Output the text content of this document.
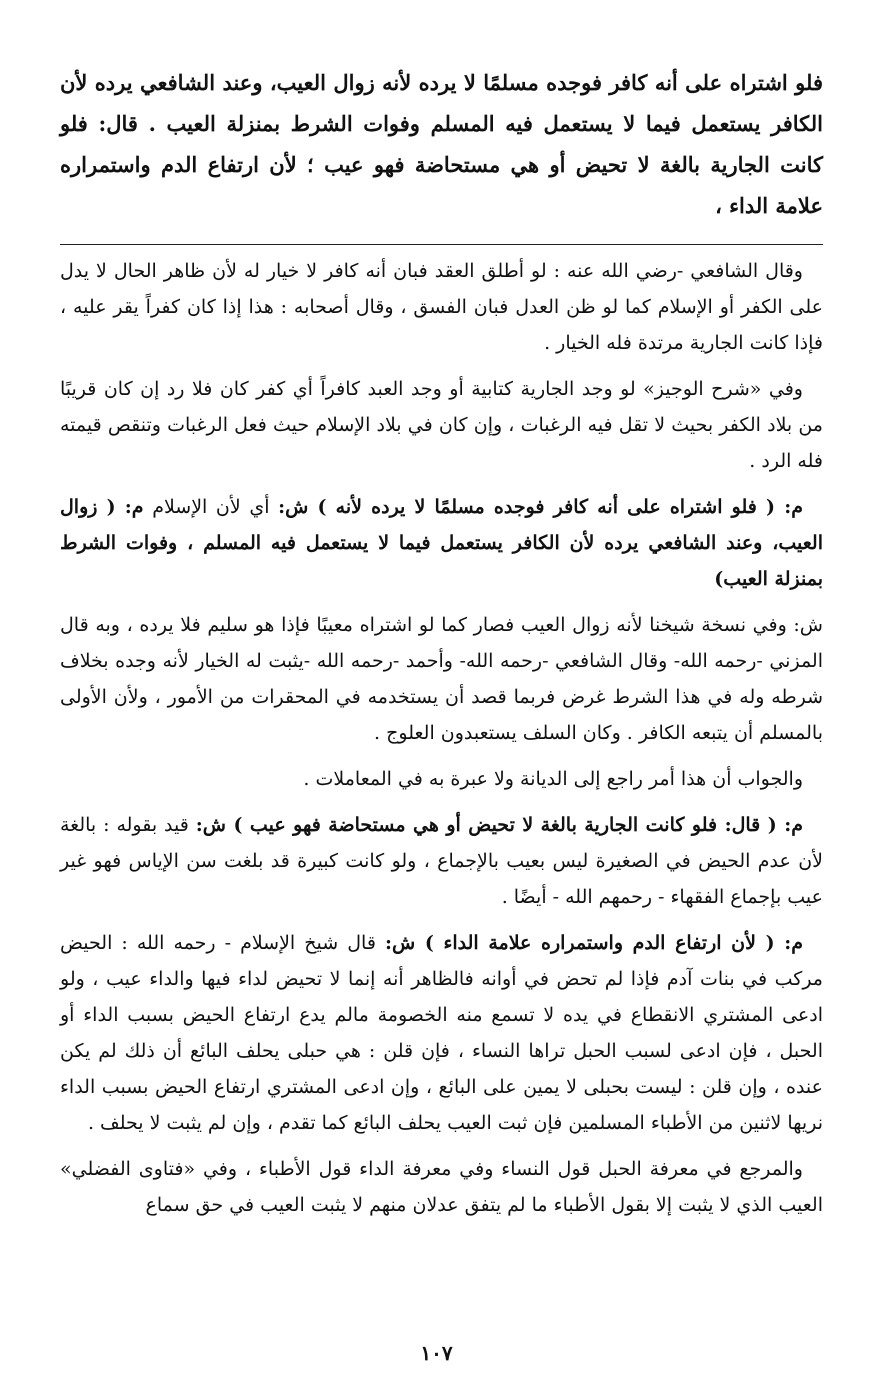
فلو اشتراه على أنه كافر فوجده مسلمًا لا يرده لأنه زوال العيب، وعند الشافعي يرده لأن الكافر يستعمل فيما لا يستعمل فيه المسلم وفوات الشرط بمنزلة العيب . قال: فلو كانت الجارية بالغة لا تحيض أو هي مستحاضة فهو عيب ؛ لأن ارتفاع الدم واستمراره علامة الداء ،

وقال الشافعي -رضي الله عنه : لو أطلق العقد فبان أنه كافر لا خيار له لأن ظاهر الحال لا يدل على الكفر أو الإسلام كما لو ظن العدل فبان الفسق ، وقال أصحابه : هذا إذا كان كفراً يقر عليه ، فإذا كانت الجارية مرتدة فله الخيار .

وفي «شرح الوجيز» لو وجد الجارية كتابية أو وجد العبد كافراً أي كفر كان فلا رد إن كان قريبًا من بلاد الكفر بحيث لا تقل فيه الرغبات ، وإن كان في بلاد الإسلام حيث فعل الرغبات وتنقص قيمته فله الرد .

م: ( فلو اشتراه على أنه كافر فوجده مسلمًا لا يرده لأنه ) ش: أي لأن الإسلام م: ( زوال العيب، وعند الشافعي يرده لأن الكافر يستعمل فيما لا يستعمل فيه المسلم ، وفوات الشرط بمنزلة العيب)

ش: وفي نسخة شيخنا لأنه زوال العيب فصار كما لو اشتراه معيبًا فإذا هو سليم فلا يرده ، وبه قال المزني -رحمه الله- وقال الشافعي -رحمه الله- وأحمد -رحمه الله -يثبت له الخيار لأنه وجده بخلاف شرطه وله في هذا الشرط غرض فربما قصد أن يستخدمه في المحقرات من الأمور ، ولأن الأولى بالمسلم أن يتبعه الكافر . وكان السلف يستعبدون العلوج .

والجواب أن هذا أمر راجع إلى الديانة ولا عبرة به في المعاملات .

م: ( قال: فلو كانت الجارية بالغة لا تحيض أو هي مستحاضة فهو عيب ) ش: قيد بقوله : بالغة لأن عدم الحيض في الصغيرة ليس بعيب بالإجماع ، ولو كانت كبيرة قد بلغت سن الإياس فهو غير عيب بإجماع الفقهاء - رحمهم الله - أيضًا .

م: ( لأن ارتفاع الدم واستمراره علامة الداء ) ش: قال شيخ الإسلام - رحمه الله : الحيض مركب في بنات آدم فإذا لم تحض في أوانه فالظاهر أنه إنما لا تحيض لداء فيها والداء عيب ، ولو ادعى المشتري الانقطاع في يده لا تسمع منه الخصومة مالم يدع ارتفاع الحيض بسبب الداء أو الحبل ، فإن ادعى لسبب الحبل تراها النساء ، فإن قلن : هي حبلى يحلف البائع أن ذلك لم يكن عنده ، وإن قلن : ليست بحبلى لا يمين على البائع ، وإن ادعى المشتري ارتفاع الحيض بسبب الداء نريها لاثنين من الأطباء المسلمين فإن ثبت العيب يحلف البائع كما تقدم ، وإن لم يثبت لا يحلف .

والمرجع في معرفة الحبل قول النساء وفي معرفة الداء قول الأطباء ، وفي «فتاوى الفضلي» العيب الذي لا يثبت إلا بقول الأطباء ما لم يتفق عدلان منهم لا يثبت العيب في حق سماع

١٠٧
